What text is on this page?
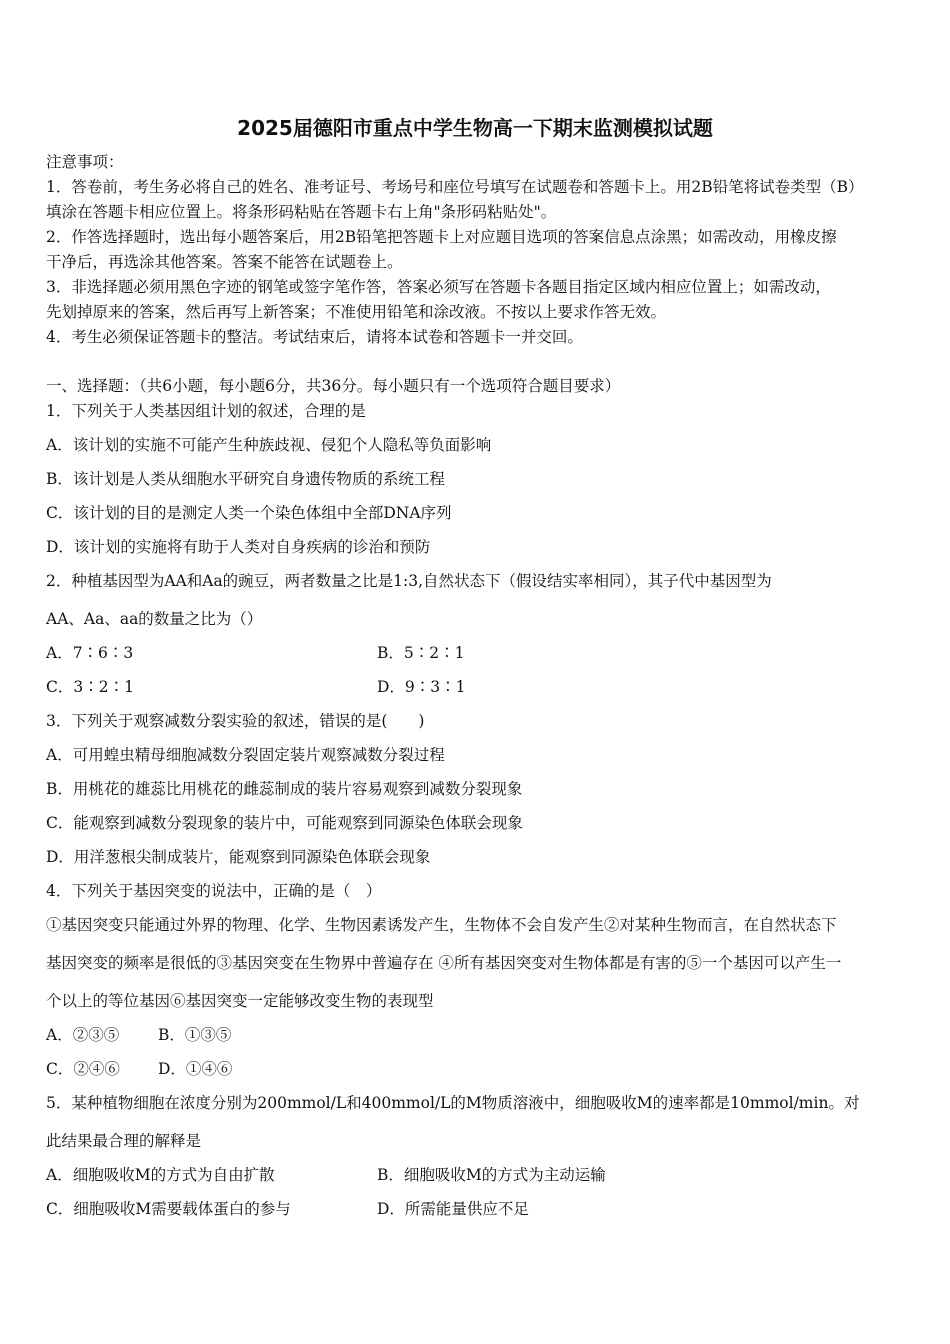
2025届德阳市重点中学生物高一下期末监测模拟试题
注意事项：
1．答卷前，考生务必将自己的姓名、准考证号、考场号和座位号填写在试题卷和答题卡上。用2B铅笔将试卷类型（B）
填涂在答题卡相应位置上。将条形码粘贴在答题卡右上角"条形码粘贴处"。
2．作答选择题时，选出每小题答案后，用2B铅笔把答题卡上对应题目选项的答案信息点涂黑；如需改动，用橡皮擦
干净后，再选涂其他答案。答案不能答在试题卷上。
3．非选择题必须用黑色字迹的钢笔或签字笔作答，答案必须写在答题卡各题目指定区域内相应位置上；如需改动，
先划掉原来的答案，然后再写上新答案；不准使用铅笔和涂改液。不按以上要求作答无效。
4．考生必须保证答题卡的整洁。考试结束后，请将本试卷和答题卡一并交回。
一、选择题：（共6小题，每小题6分，共36分。每小题只有一个选项符合题目要求）
1．下列关于人类基因组计划的叙述，合理的是
A．该计划的实施不可能产生种族歧视、侵犯个人隐私等负面影响
B．该计划是人类从细胞水平研究自身遗传物质的系统工程
C．该计划的目的是测定人类一个染色体组中全部DNA序列
D．该计划的实施将有助于人类对自身疾病的诊治和预防
2．种植基因型为AA和Aa的豌豆，两者数量之比是1:3,自然状态下（假设结实率相同），其子代中基因型为
AA、Aa、aa的数量之比为（）
A．7∶6∶3	B．5∶2∶1
C．3∶2∶1	D．9∶3∶1
3．下列关于观察减数分裂实验的叙述，错误的是(　　)
A．可用蝗虫精母细胞减数分裂固定装片观察减数分裂过程
B．用桃花的雄蕊比用桃花的雌蕊制成的装片容易观察到减数分裂现象
C．能观察到减数分裂现象的装片中，可能观察到同源染色体联会现象
D．用洋葱根尖制成装片，能观察到同源染色体联会现象
4．下列关于基因突变的说法中，正确的是（　）
①基因突变只能通过外界的物理、化学、生物因素诱发产生，生物体不会自发产生②对某种生物而言，在自然状态下
基因突变的频率是很低的③基因突变在生物界中普遍存在 ④所有基因突变对生物体都是有害的⑤一个基因可以产生一
个以上的等位基因⑥基因突变一定能够改变生物的表现型
A．②③⑤	B．①③⑤
C．②④⑥ D．①④⑥
5．某种植物细胞在浓度分别为200mmol/L和400mmol/L的M物质溶液中，细胞吸收M的速率都是10mmol/min。对
此结果最合理的解释是
A．细胞吸收M的方式为自由扩散	B．细胞吸收M的方式为主动运输
C．细胞吸收M需要载体蛋白的参与	D．所需能量供应不足
